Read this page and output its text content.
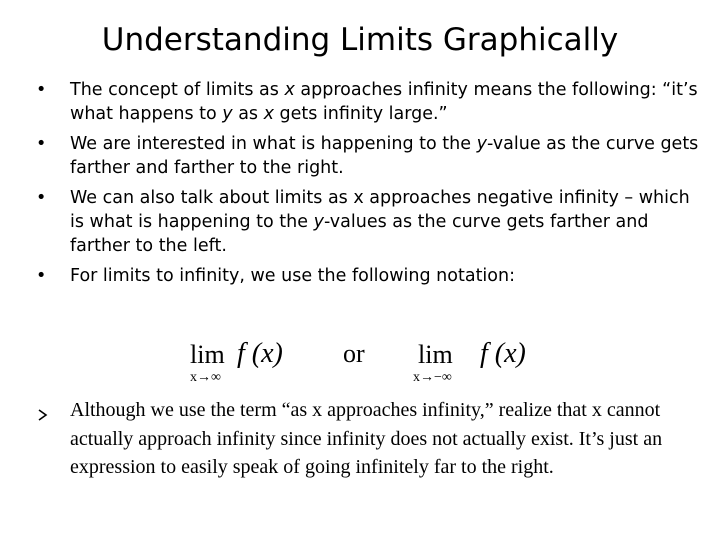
Understanding Limits Graphically
•	The concept of limits as x approaches infinity means the following: “it’s what happens to y as x gets infinity large.”
•	We are interested in what is happening to the y-value as the curve gets farther and farther to the right.
•	We can also talk about limits as x approaches negative infinity – which is what is happening to the y-values as the curve gets farther and farther to the left.
•	For limits to infinity, we use the following notation:
lim
x→∞
f (x) or lim
x→−∞
f (x)
Although we use the term “as x approaches infinity,” realize that x cannot actually approach infinity since infinity does not actually exist. It’s just an expression to easily speak of going infinitely far to the right.
